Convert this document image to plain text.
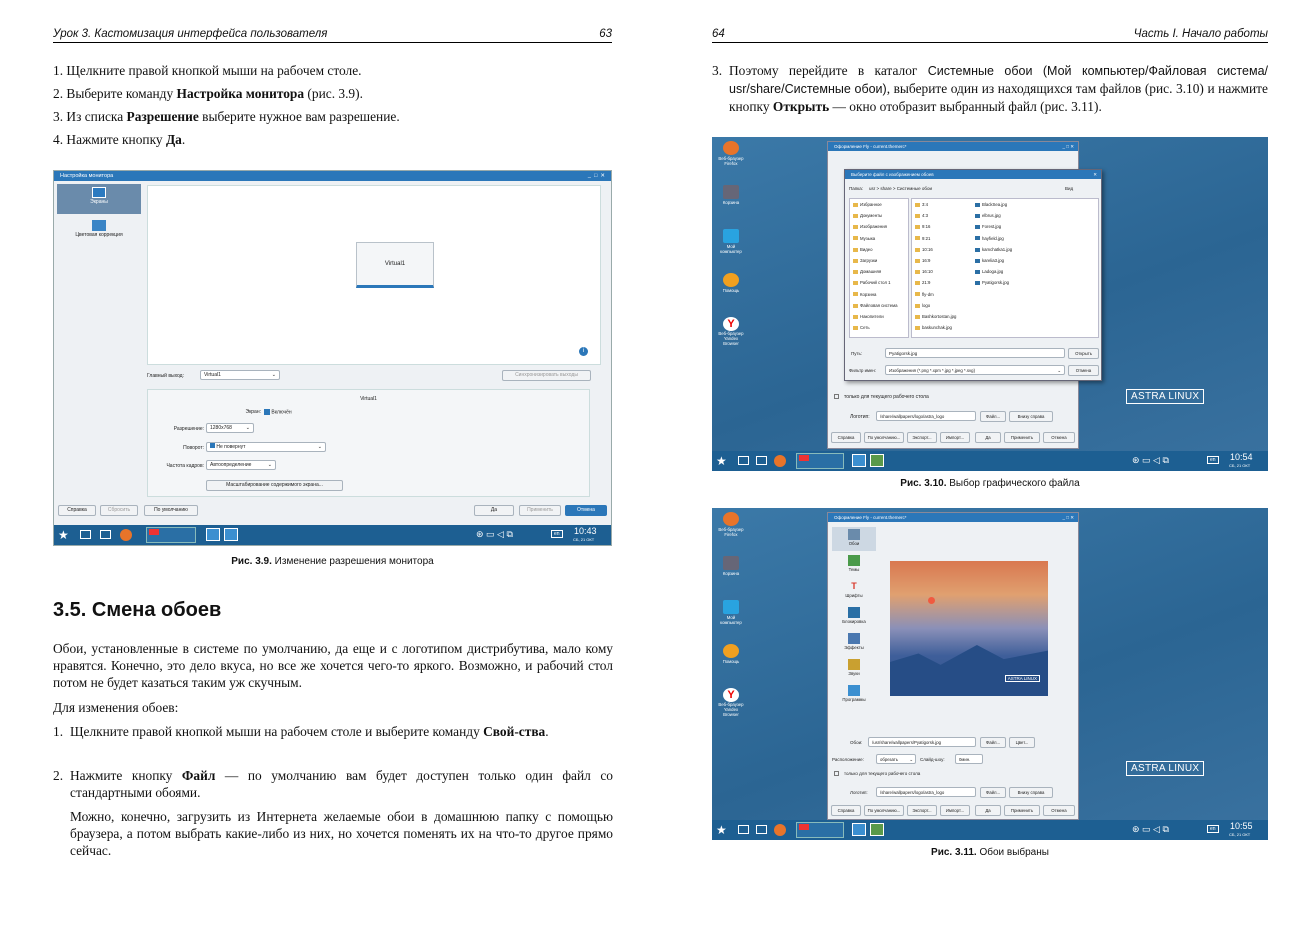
Урок 3. Кастомизация интерфейса пользователя	63
1. Щелкните правой кнопкой мыши на рабочем столе.
2. Выберите команду Настройка монитора (рис. 3.9).
3. Из списка Разрешение выберите нужное вам разрешение.
4. Нажмите кнопку Да.
Настройка монитора	_  □  ✕
Экраны
Цветовая коррекция
Virtual1
i
Главный выход:	Virtual1	⌄	Синхронизировать выходы
Virtual1
Экран:	Включён
Разрешение:	1280x768	⌄
Поворот:	Не повернут	⌄
Частота кадров:	Автоопределение	⌄
Масштабирование содержимого экрана...
Справка	Сбросить	По умолчанию	Да	Применить	Отмена
★	⊛ ▭ ◁ ⧉	en	10:43
СБ, 21 ОКТ
Рис. 3.9. Изменение разрешения монитора
3.5. Смена обоев
Обои, установленные в системе по умолчанию, да еще и с логотипом дистрибутива, мало кому нравятся. Конечно, это дело вкуса, но все же хочется чего-то яркого. Возможно, и рабочий стол потом не будет казаться таким уж скучным.
Для изменения обоев:
1. Щелкните правой кнопкой мыши на рабочем столе и выберите команду Свой-ства.
2. Нажмите кнопку Файл — по умолчанию вам будет доступен только один файл со стандартными обоями.
Можно, конечно, загрузить из Интернета желаемые обои в домашнюю папку с помощью браузера, а потом выбрать какие-либо из них, но хочется поменять их на что-то другое прямо сейчас.
64	Часть I. Начало работы
3. Поэтому перейдите в каталог Системные обои (Мой компьютер/Файловая система/ usr/share/Системные обои), выберите один из находящихся там файлов (рис. 3.10) и нажмите кнопку Открыть — окно отобразит выбранный файл (рис. 3.11).
Веб-браузер Firefox
Корзина
Мой компьютер
Помощь
Y
Веб-браузер Yandex Browser
Оформление Fly - current.themerc*	_ □ ✕
только для текущего рабочего стола
Логотип:	/share/wallpapers/logo/astra_logo	Файл...	Внизу справа
Справка	По умолчанию...	Экспорт...	Импорт...	Да	Применить	Отмена
Выберите файл с изображением обоев	✕
Папка: usr > share > Системные обои	Вид
Избранное
Документы
Изображения
Музыка
Видео
Загрузки
Домашняя
Рабочий стол 1
Корзина
Файловая система
Накопители
Сеть
3:4
4:3
9:16
9:21
10:16
16:9
16:10
21:9
fly-dm
logo
Bashkortostan.jpg
baskunchak.jpg
BlackSea.jpg
elbrus.jpg
Forest.jpg
hayfield.jpg
kamchatka1.jpg
karelia3.jpg
Ladoga.jpg
Pyatigorsk.jpg
Путь:	Pyatigorsk.jpg	Открыть
Фильтр имен:	Изображения (*.png *.xpm *.jpg *.jpeg *.svg)	⌄	Отмена
ASTRA LINUX
★	⊛ ▭ ◁ ⧉	en	10:54
СБ, 21 ОКТ
Рис. 3.10. Выбор графического файла
Веб-браузер Firefox
Корзина
Мой компьютер
Помощь
Y
Веб-браузер Yandex Browser
Оформление Fly - current.themerc*	_ □ ✕
Обои
Темы
T
Шрифты
Блокировка
Эффекты
Звуки
Программы
ASTRA LINUX
Обои:	/usr/share/wallpapers/Pyatigorsk.jpg	Файл...	Цвет...
Расположение:	обрезать	⌄ Слайд-шоу:	0мин.
только для текущего рабочего стола
Логотип:	/share/wallpapers/logo/astra_logo	Файл...	Внизу справа
Справка	По умолчанию...	Экспорт...	Импорт...	Да	Применить	Отмена
ASTRA LINUX
★	⊛ ▭ ◁ ⧉	en	10:55
СБ, 21 ОКТ
Рис. 3.11. Обои выбраны
